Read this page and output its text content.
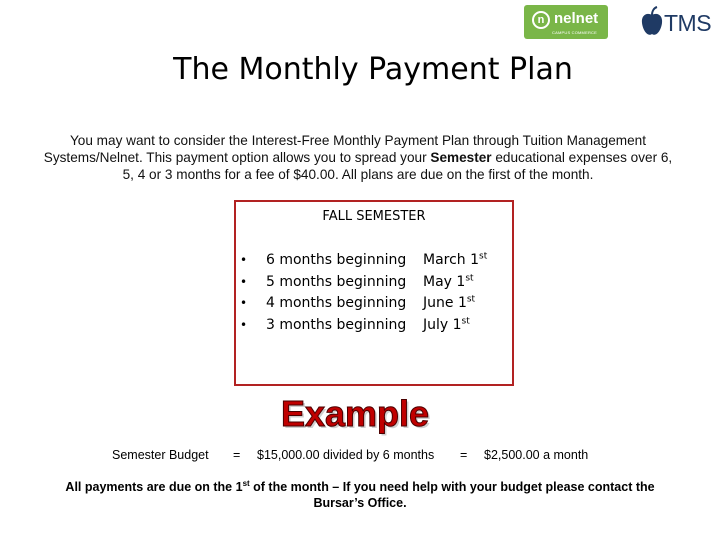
n nelnet
CAMPUS COMMERCE	TMS
The Monthly Payment Plan
You may want to consider the Interest-Free Monthly Payment Plan through Tuition Management Systems/Nelnet. This payment option allows you to spread your Semester educational expenses over 6, 5, 4 or 3 months for a fee of $40.00. All plans are due on the first of the month.
FALL SEMESTER
• 6 months beginning March 1st
• 5 months beginning May 1st
• 4 months beginning June 1st
• 3 months beginning July 1st
Example
Semester Budget = $15,000.00 divided by 6 months = $2,500.00 a month
All payments are due on the 1st of the month – If you need help with your budget please contact the Bursar’s Office.
